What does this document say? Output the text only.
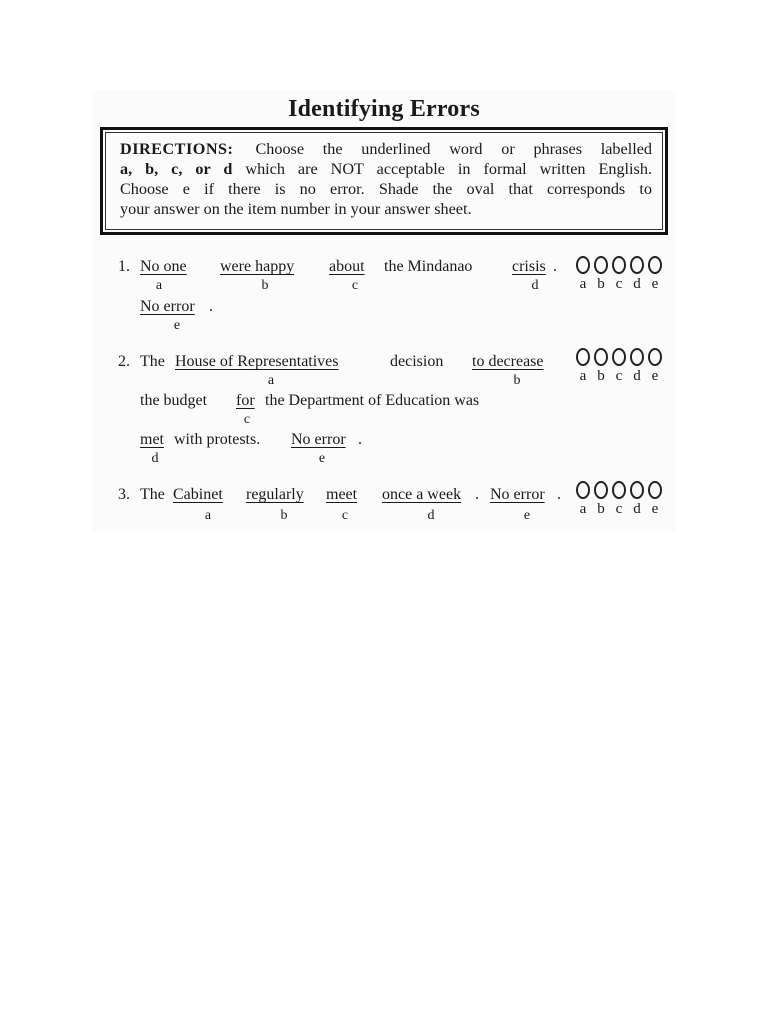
Identifying Errors
DIRECTIONS: Choose the underlined word or phrases labelled
a, b, c, or d which are NOT acceptable in formal written English.
Choose e if there is no error. Shade the oval that corresponds to
your answer on the item number in your answer sheet.
1. No one were happy about the Mindanao crisis .
No error .
a	b	c	d
e
a b c d e
2. The House of Representatives	decision to decrease
the budget for the Department of Education was
met with protests. No error .
a	b
c
d	e
a b c d e
3. The Cabinet regularly meet once a week . No error .
a	b	c	d	e	a b c d e
